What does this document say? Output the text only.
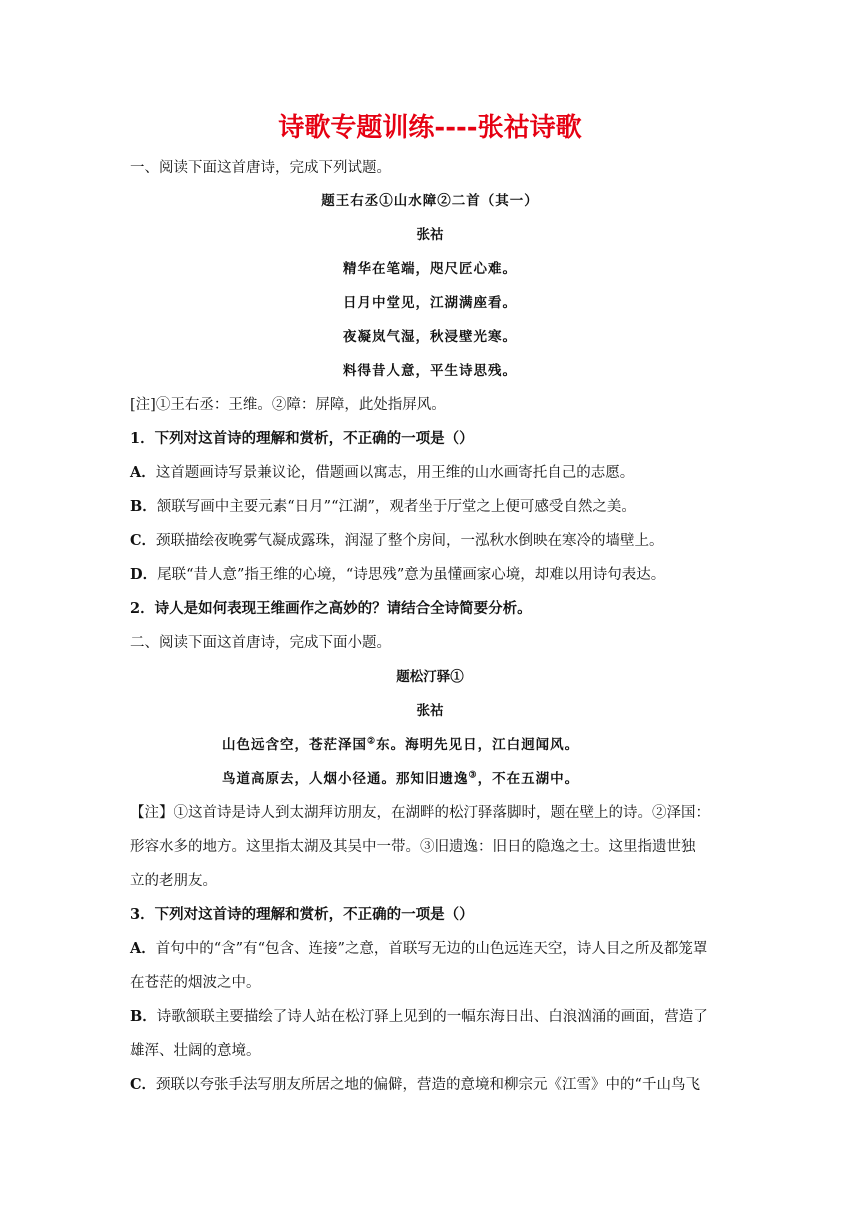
诗歌专题训练----张祜诗歌
一、阅读下面这首唐诗，完成下列试题。
题王右丞①山水障②二首（其一）
张祜
精华在笔端，咫尺匠心难。
日月中堂见，江湖满座看。
夜凝岚气湿，秋浸壁光寒。
料得昔人意，平生诗思残。
[注]①王右丞：王维。②障：屏障，此处指屏风。
1．下列对这首诗的理解和赏析，不正确的一项是（）
A．这首题画诗写景兼议论，借题画以寓志，用王维的山水画寄托自己的志愿。
B．颔联写画中主要元素“日月”“江湖”，观者坐于厅堂之上便可感受自然之美。
C．颈联描绘夜晚雾气凝成露珠，润湿了整个房间，一泓秋水倒映在寒冷的墙壁上。
D．尾联“昔人意”指王维的心境，“诗思残”意为虽懂画家心境，却难以用诗句表达。
2．诗人是如何表现王维画作之高妙的？请结合全诗简要分析。
二、阅读下面这首唐诗，完成下面小题。
题松汀驿①
张祜
山色远含空，苍茫泽国②东。海明先见日，江白迥闻风。
鸟道高原去，人烟小径通。那知旧遗逸③，不在五湖中。
【注】①这首诗是诗人到太湖拜访朋友，在湖畔的松汀驿落脚时，题在壁上的诗。②泽国：
形容水多的地方。这里指太湖及其吴中一带。③旧遗逸：旧日的隐逸之士。这里指遗世独
立的老朋友。
3．下列对这首诗的理解和赏析，不正确的一项是（）
A．首句中的“含”有“包含、连接”之意，首联写无边的山色远连天空，诗人目之所及都笼罩
在苍茫的烟波之中。
B．诗歌颔联主要描绘了诗人站在松汀驿上见到的一幅东海日出、白浪汹涌的画面，营造了
雄浑、壮阔的意境。
C．颈联以夸张手法写朋友所居之地的偏僻，营造的意境和柳宗元《江雪》中的“千山鸟飞
